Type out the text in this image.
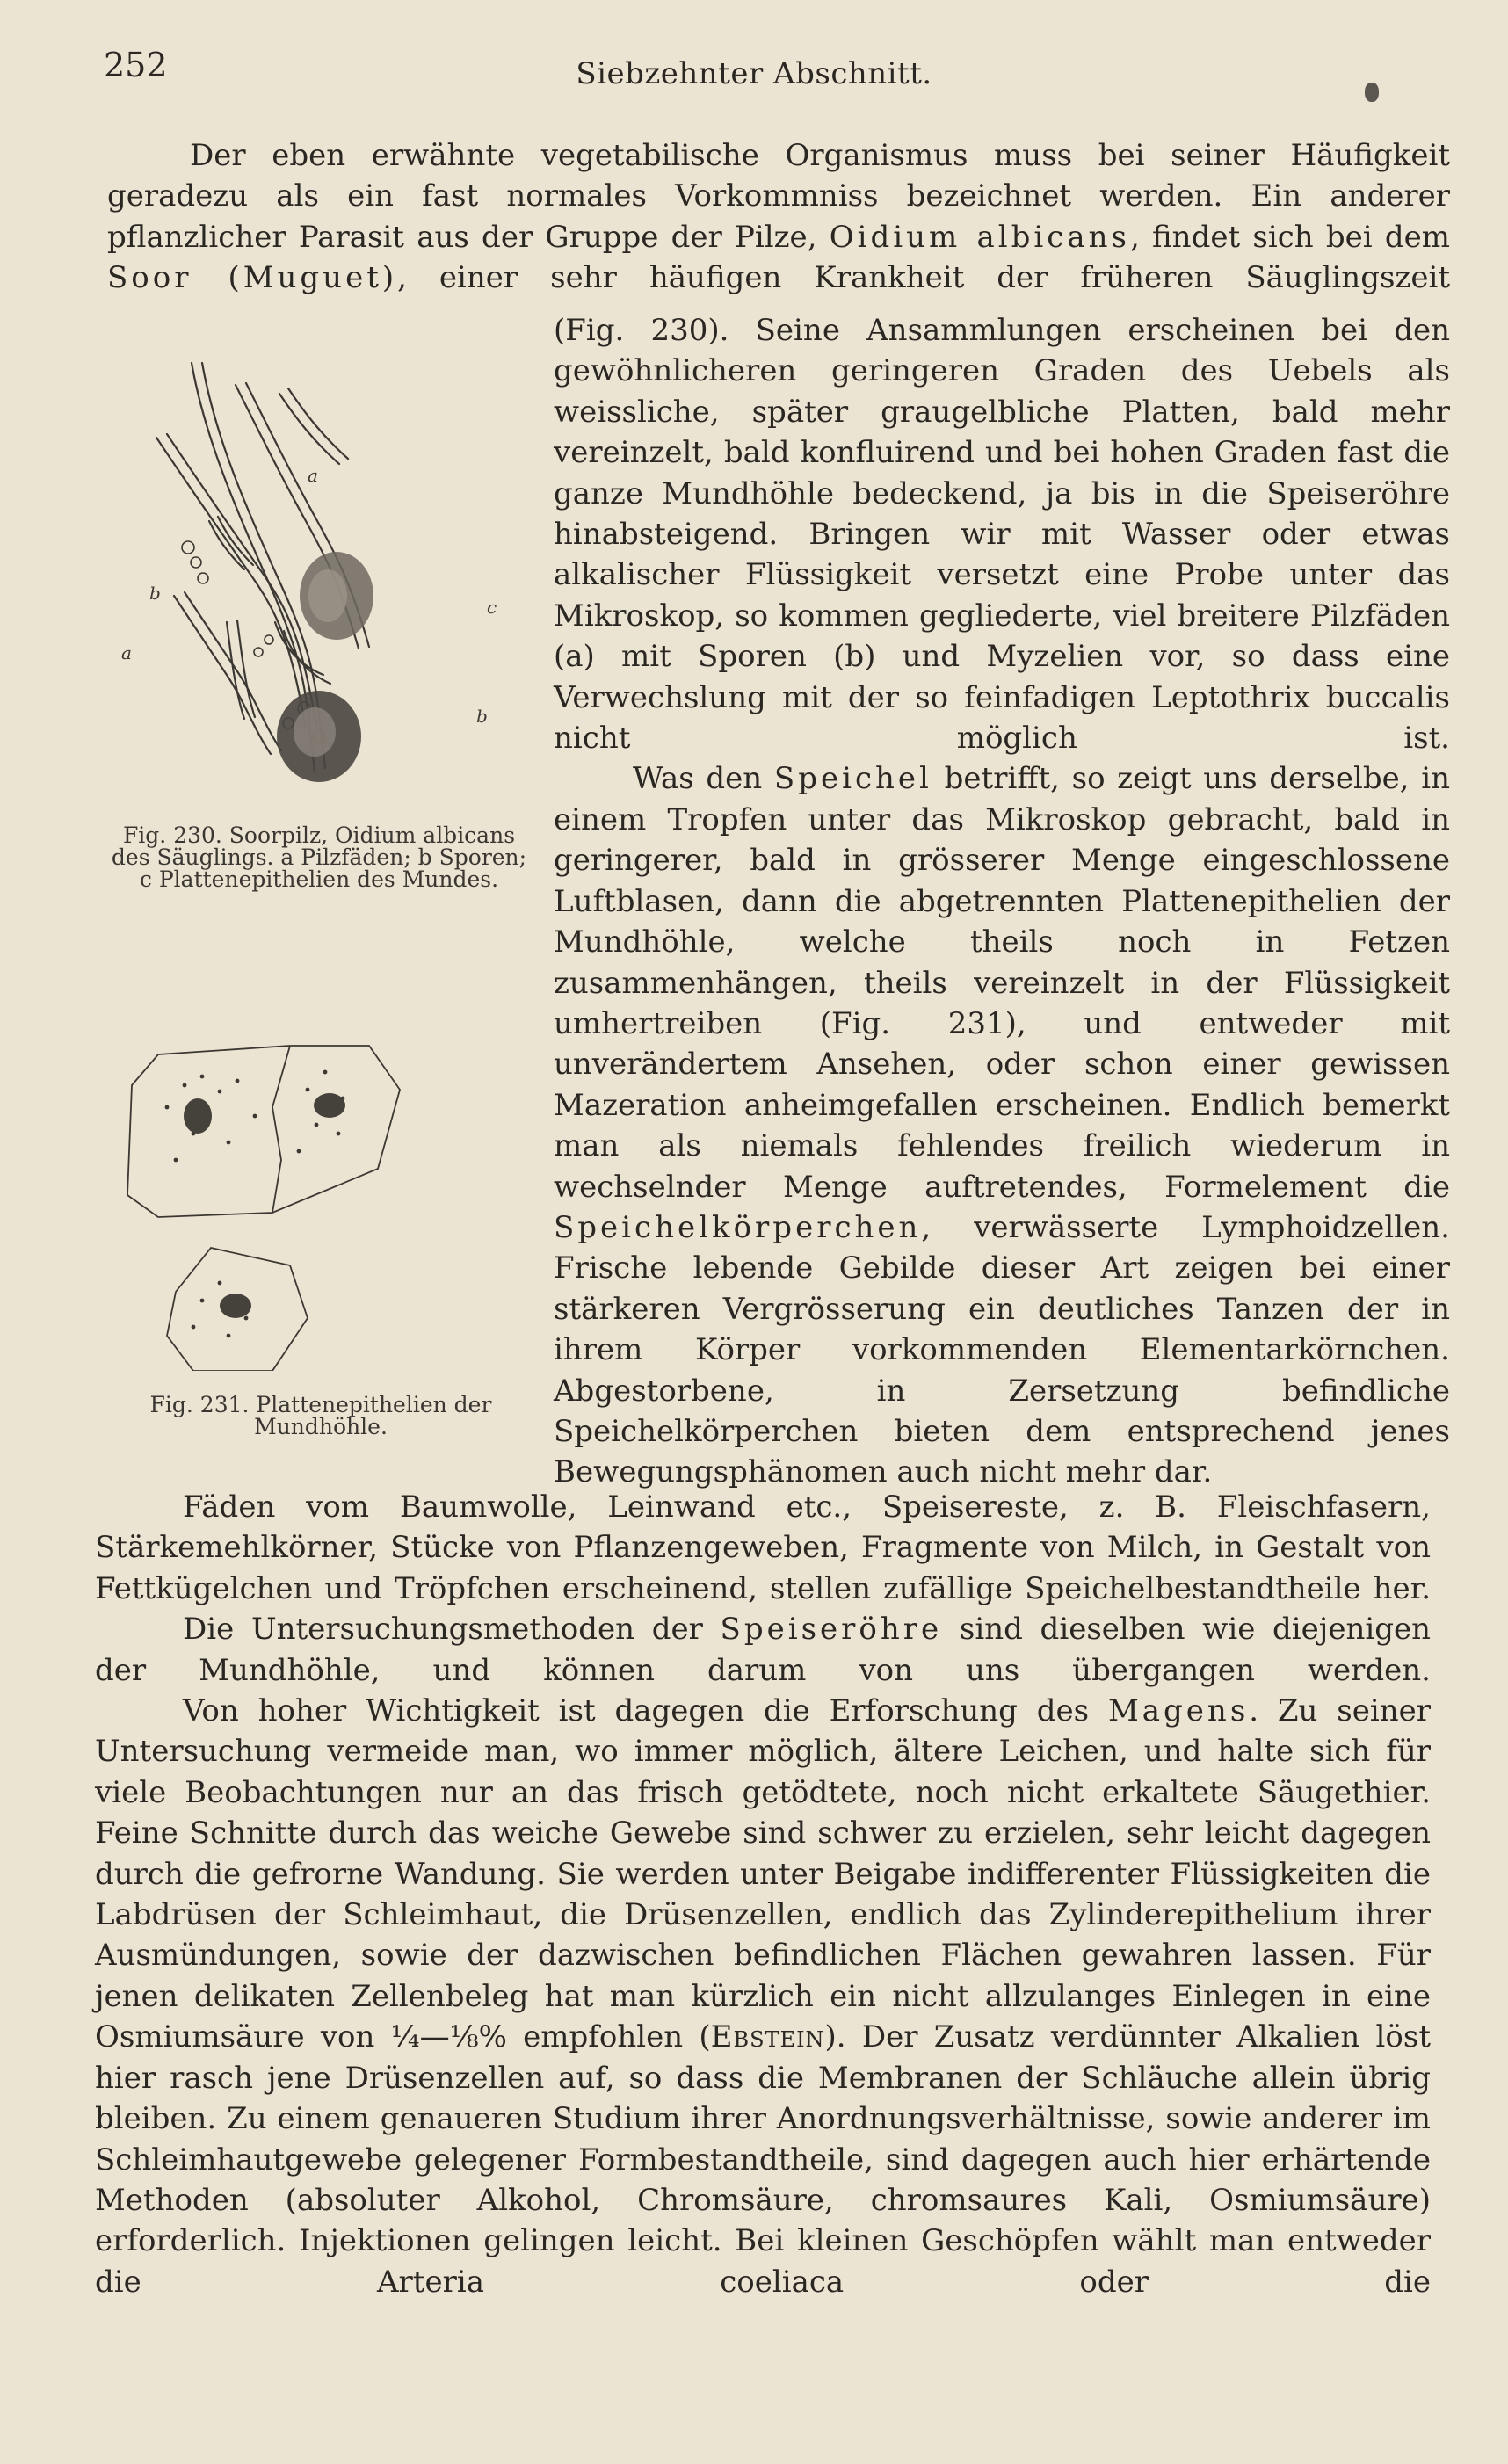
252	Siebzehnter Abschnitt.

Der eben erwähnte vegetabilische Organismus muss bei seiner Häufigkeit geradezu als ein fast normales Vorkommniss bezeichnet werden. Ein anderer pflanzlicher Parasit aus der Gruppe der Pilze, Oidium albicans, findet sich bei dem Soor (Muguet), einer sehr häufigen Krankheit der früheren Säuglingszeit

(Fig. 230). Seine Ansammlungen erscheinen bei den gewöhnlicheren geringeren Graden des Uebels als weissliche, später graugelbliche Platten, bald mehr vereinzelt, bald konfluirend und bei hohen Graden fast die ganze Mundhöhle bedeckend, ja bis in die Speiseröhre hinabsteigend. Bringen wir mit Wasser oder etwas alkalischer Flüssigkeit versetzt eine Probe unter das Mikroskop, so kommen gegliederte, viel breitere Pilzfäden (a) mit Sporen (b) und Myzelien vor, so dass eine Verwechslung mit der so feinfadigen Leptothrix buccalis nicht möglich ist.

Was den Speichel betrifft, so zeigt uns derselbe, in einem Tropfen unter das Mikroskop gebracht, bald in geringerer, bald in grösserer Menge eingeschlossene Luftblasen, dann die abgetrennten Plattenepithelien der Mundhöhle, welche theils noch in Fetzen zusammenhängen, theils vereinzelt in der Flüssigkeit umhertreiben (Fig. 231), und entweder mit unverändertem Ansehen, oder schon einer gewissen Mazeration anheimgefallen erscheinen. Endlich bemerkt man als niemals fehlendes freilich wiederum in wechselnder Menge auftretendes, Formelement die Speichelkörperchen, verwässerte Lymphoidzellen. Frische lebende Gebilde dieser Art zeigen bei einer stärkeren Vergrösserung ein deutliches Tanzen der in ihrem Körper vorkommenden Elementarkörnchen. Abgestorbene, in Zersetzung befindliche Speichelkörperchen bieten dem entsprechend jenes Bewegungsphänomen auch nicht mehr dar.

a
a
b
b
c
Fig. 230. Soorpilz, Oidium albicans des Säuglings. a Pilzfäden; b Sporen; c Plattenepithelien des Mundes.
Fig. 231. Plattenepithelien der Mundhöhle.

Fäden vom Baumwolle, Leinwand etc., Speisereste, z. B. Fleischfasern, Stärkemehlkörner, Stücke von Pflanzengeweben, Fragmente von Milch, in Gestalt von Fettkügelchen und Tröpfchen erscheinend, stellen zufällige Speichelbestandtheile her.

Die Untersuchungsmethoden der Speiseröhre sind dieselben wie diejenigen der Mundhöhle, und können darum von uns übergangen werden.

Von hoher Wichtigkeit ist dagegen die Erforschung des Magens. Zu seiner Untersuchung vermeide man, wo immer möglich, ältere Leichen, und halte sich für viele Beobachtungen nur an das frisch getödtete, noch nicht erkaltete Säugethier. Feine Schnitte durch das weiche Gewebe sind schwer zu erzielen, sehr leicht dagegen durch die gefrorne Wandung. Sie werden unter Beigabe indifferenter Flüssigkeiten die Labdrüsen der Schleimhaut, die Drüsenzellen, endlich das Zylinderepithelium ihrer Ausmündungen, sowie der dazwischen befindlichen Flächen gewahren lassen. Für jenen delikaten Zellenbeleg hat man kürzlich ein nicht allzulanges Einlegen in eine Osmiumsäure von ¼—⅛% empfohlen (Ebstein). Der Zusatz verdünnter Alkalien löst hier rasch jene Drüsenzellen auf, so dass die Membranen der Schläuche allein übrig bleiben. Zu einem genaueren Studium ihrer Anordnungsverhältnisse, sowie anderer im Schleimhautgewebe gelegener Formbestandtheile, sind dagegen auch hier erhärtende Methoden (absoluter Alkohol, Chromsäure, chromsaures Kali, Osmiumsäure) erforderlich. Injektionen gelingen leicht. Bei kleinen Geschöpfen wählt man entweder die Arteria coeliaca oder die
